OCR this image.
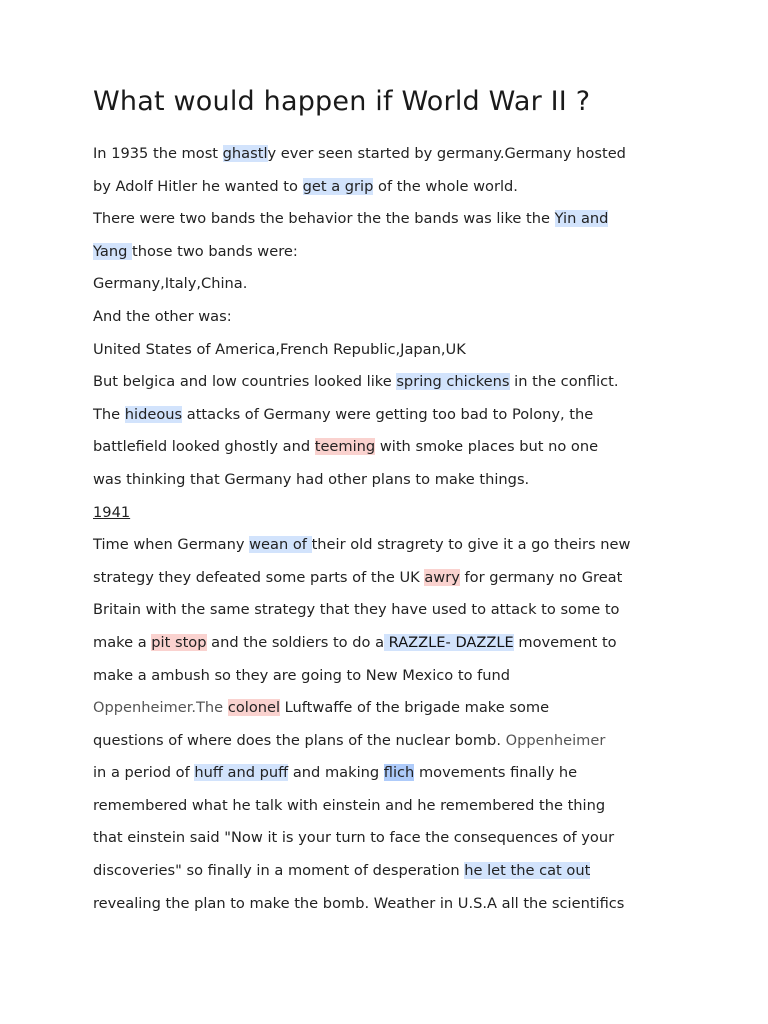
What would happen if World War II ?
In 1935 the most ghastly ever seen started by germany.Germany hosted
by Adolf Hitler he wanted to get a grip of the whole world.
There were two bands the behavior the the bands was like the Yin and
Yang those two bands were:
Germany,Italy,China.
And the other was:
United States of America,French Republic,Japan,UK
But belgica and low countries looked like spring chickens in the conflict.
The hideous attacks of Germany were getting too bad to Polony, the
battlefield looked ghostly and teeming with smoke places but no one
was thinking that Germany had other plans to make things.
1941
Time when Germany wean of their old stragrety to give it a go theirs new
strategy they defeated some parts of the UK awry for germany no Great
Britain with the same strategy that they have used to attack to some to
make a pit stop and the soldiers to do a RAZZLE- DAZZLE movement to
make a ambush so they are going to New Mexico to fund
Oppenheimer.The colonel Luftwaffe of the brigade make some
questions of where does the plans of the nuclear bomb. Oppenheimer
in a period of huff and puff and making flich movements finally he
remembered what he talk with einstein and he remembered the thing
that einstein said "Now it is your turn to face the consequences of your
discoveries" so finally in a moment of desperation he let the cat out
revealing the plan to make the bomb. Weather in U.S.A all the scientifics
